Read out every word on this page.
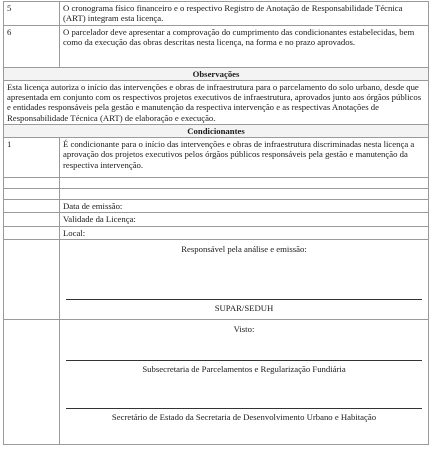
5	O cronograma físico financeiro e o respectivo Registro de Anotação de Responsabilidade Técnica (ART) integram esta licença.
6	O parcelador deve apresentar a comprovação do cumprimento das condicionantes estabelecidas, bem como da execução das obras descritas nesta licença, na forma e no prazo aprovados.
Observações	
Esta licença autoriza o início das intervenções e obras de infraestrutura para o parcelamento do solo urbano, desde que apresentada em conjunto com os respectivos projetos executivos de infraestrutura, aprovados junto aos órgãos públicos e entidades responsáveis pela gestão e manutenção da respectiva intervenção e as respectivas Anotações de Responsabilidade Técnica (ART) de elaboração e execução.	
Condicionantes	
1	É condicionante para o início das intervenções e obras de infraestrutura discriminadas nesta licença a aprovação dos projetos executivos pelos órgãos públicos responsáveis pela gestão e manutenção da respectiva intervenção.

	Data de emissão:
	Validade da Licença:
	Local:

	Responsável pela análise e emissão:
SUPAR/SEDUH

	Visto:
Subsecretaria de Parcelamentos e Regularização Fundiária
Secretário de Estado da Secretaria de Desenvolvimento Urbano e Habitação
